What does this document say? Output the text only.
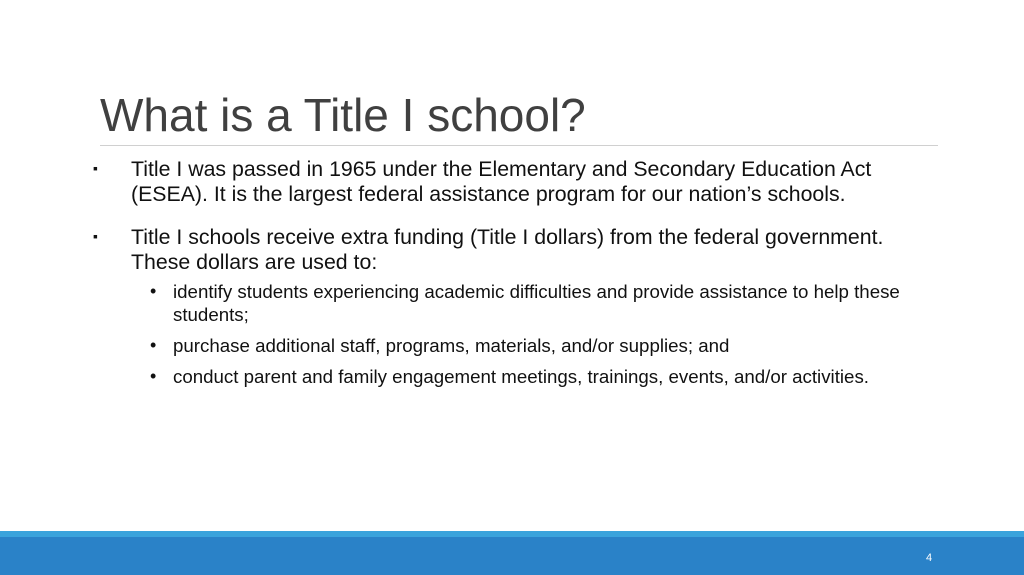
What is a Title I school?
▪ Title I was passed in 1965 under the Elementary and Secondary Education Act (ESEA). It is the largest federal assistance program for our nation’s schools.
▪ Title I schools receive extra funding (Title I dollars) from the federal government. These dollars are used to:
• identify students experiencing academic difficulties and provide assistance to help these students;
• purchase additional staff, programs, materials, and/or supplies; and
• conduct parent and family engagement meetings, trainings, events, and/or activities.
4
